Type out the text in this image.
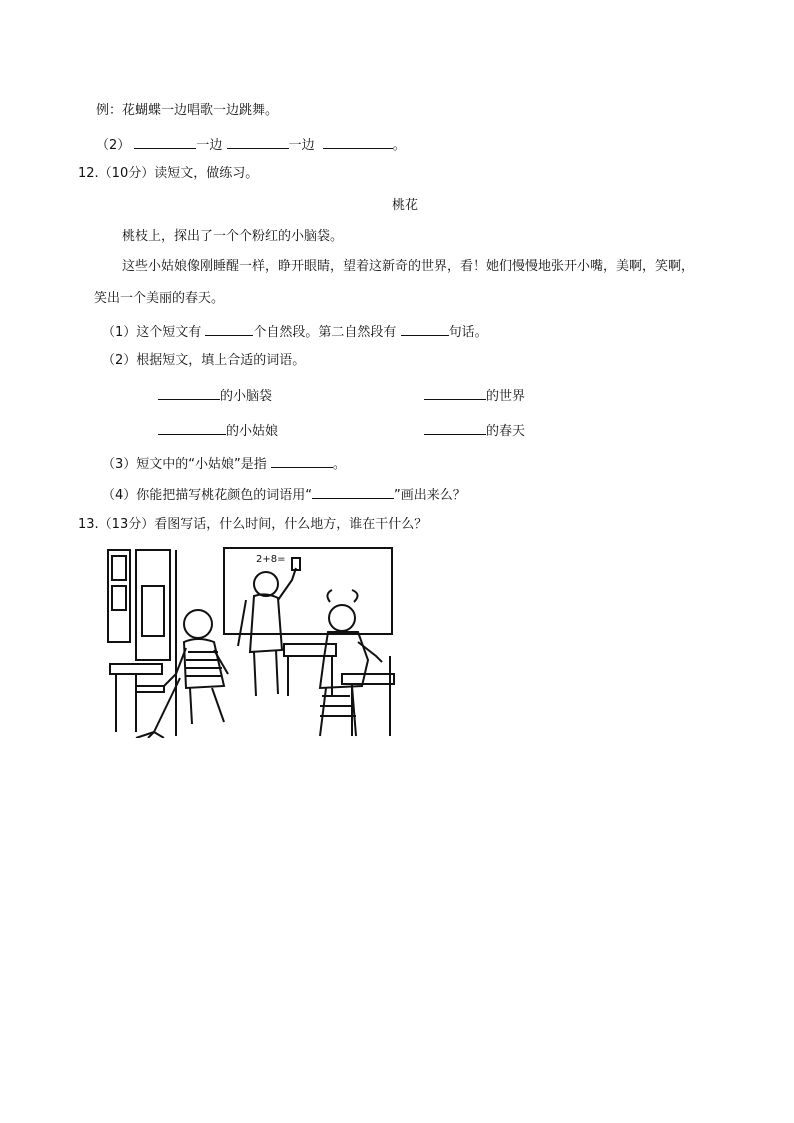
例：花蝴蝶一边唱歌一边跳舞。
（2）	一边	一边	。
12.（10分）读短文，做练习。
桃花
桃枝上，探出了一个个粉红的小脑袋。
这些小姑娘像刚睡醒一样，睁开眼睛，望着这新奇的世界，看！她们慢慢地张开小嘴，美啊，笑啊，
笑出一个美丽的春天。
（1）这个短文有	个自然段。第二自然段有	句话。
（2）根据短文，填上合适的词语。
的小脑袋	的世界
的小姑娘	的春天
（3）短文中的“小姑娘”是指	。
（4）你能把描写桃花颜色的词语用“	”画出来么？
13.（13分）看图写话，什么时间，什么地方，谁在干什么？
2+8=
